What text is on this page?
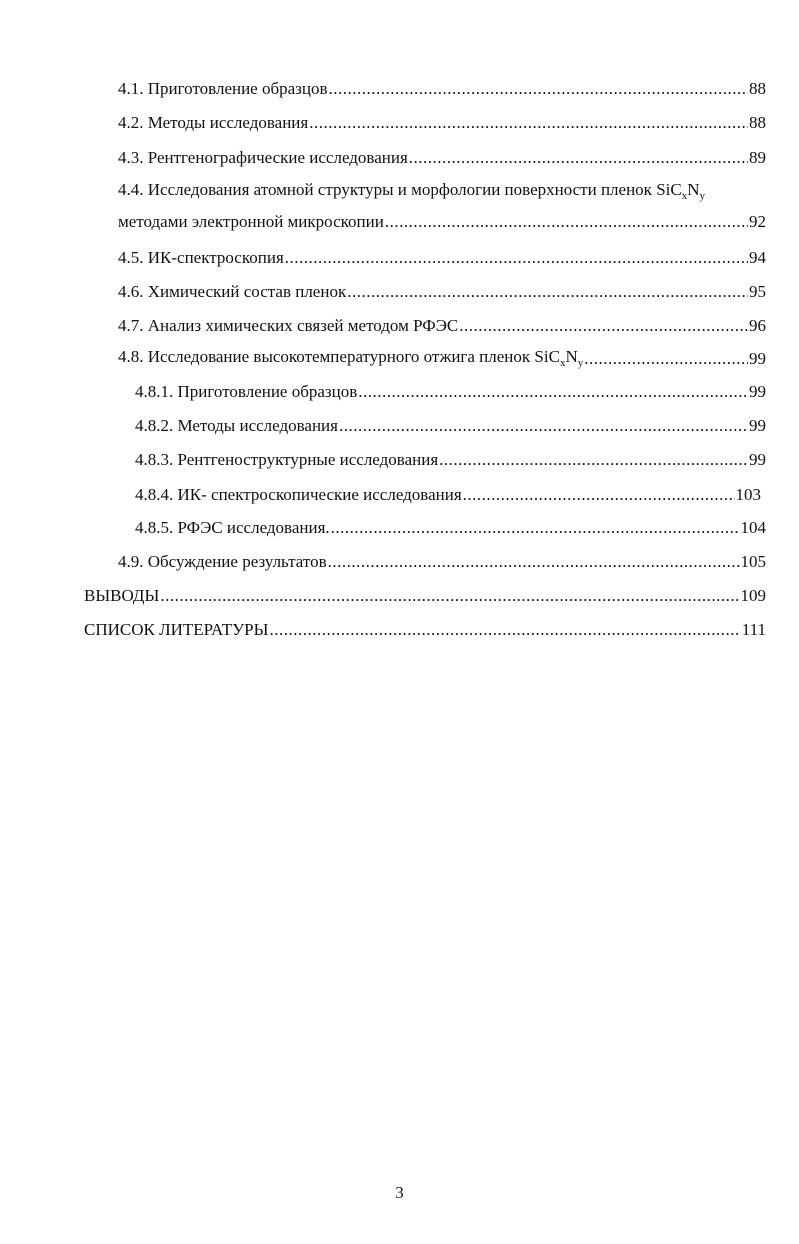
4.1. Приготовление образцов .....	88
4.2. Методы исследования .....	88
4.3. Рентгенографические исследования .....	89
4.4. Исследования атомной структуры и морфологии поверхности пленок $SiC_xN_y$
методами электронной микроскопии .....	92
4.5. ИК-спектроскопия .....	94
4.6. Химический состав пленок .....	95
4.7. Анализ химических связей методом РФЭС .....	96
4.8. Исследование высокотемпературного отжига пленок $SiC_xN_y$ .....	99
4.8.1. Приготовление образцов .....	99
4.8.2. Методы исследования .....	99
4.8.3. Рентгеноструктурные исследования .....	99
4.8.4. ИК- спектроскопические исследования .....	103
4.8.5. РФЭС исследования. .....	104
4.9. Обсуждение результатов .....	105
ВЫВОДЫ .....	109
СПИСОК ЛИТЕРАТУРЫ .....	111
3
